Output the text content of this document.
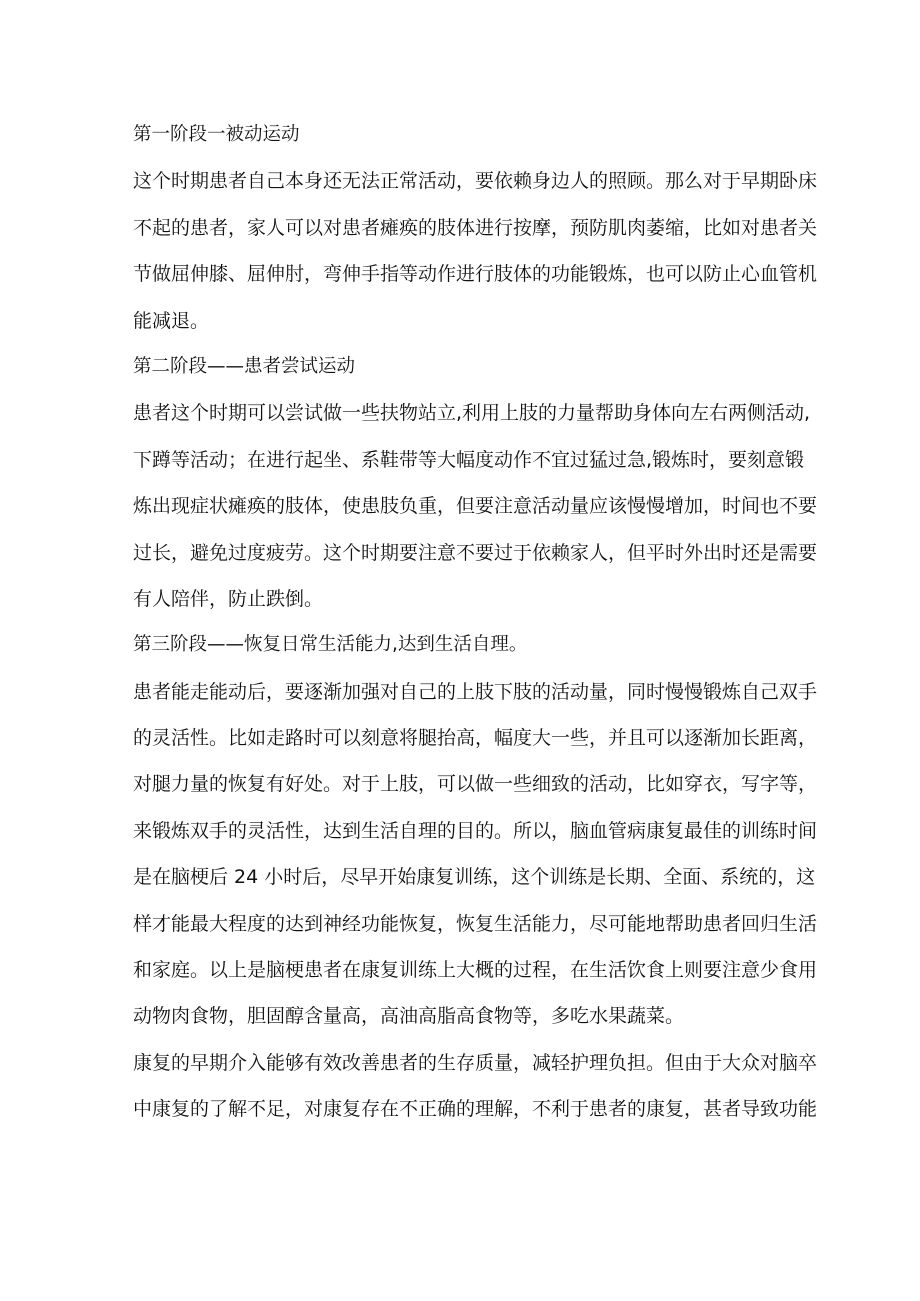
第一阶段一被动运动
这个时期患者自己本身还无法正常活动，要依赖身边人的照顾。那么对于早期卧床
不起的患者，家人可以对患者瘫痪的肢体进行按摩，预防肌肉萎缩，比如对患者关
节做屈伸膝、屈伸肘，弯伸手指等动作进行肢体的功能锻炼，也可以防止心血管机
能减退。
第二阶段——患者尝试运动
患者这个时期可以尝试做一些扶物站立,利用上肢的力量帮助身体向左右两侧活动,
下蹲等活动；在进行起坐、系鞋带等大幅度动作不宜过猛过急,锻炼时，要刻意锻
炼出现症状瘫痪的肢体，使患肢负重，但要注意活动量应该慢慢增加，时间也不要
过长，避免过度疲劳。这个时期要注意不要过于依赖家人，但平时外出时还是需要
有人陪伴，防止跌倒。
第三阶段——恢复日常生活能力,达到生活自理。
患者能走能动后，要逐渐加强对自己的上肢下肢的活动量，同时慢慢锻炼自己双手
的灵活性。比如走路时可以刻意将腿抬高，幅度大一些，并且可以逐渐加长距离，
对腿力量的恢复有好处。对于上肢，可以做一些细致的活动，比如穿衣，写字等，
来锻炼双手的灵活性，达到生活自理的目的。所以，脑血管病康复最佳的训练时间
是在脑梗后 24 小时后，尽早开始康复训练，这个训练是长期、全面、系统的，这
样才能最大程度的达到神经功能恢复，恢复生活能力，尽可能地帮助患者回归生活
和家庭。以上是脑梗患者在康复训练上大概的过程，在生活饮食上则要注意少食用
动物肉食物，胆固醇含量高，高油高脂高食物等，多吃水果蔬菜。
康复的早期介入能够有效改善患者的生存质量，减轻护理负担。但由于大众对脑卒
中康复的了解不足，对康复存在不正确的理解，不利于患者的康复，甚者导致功能
